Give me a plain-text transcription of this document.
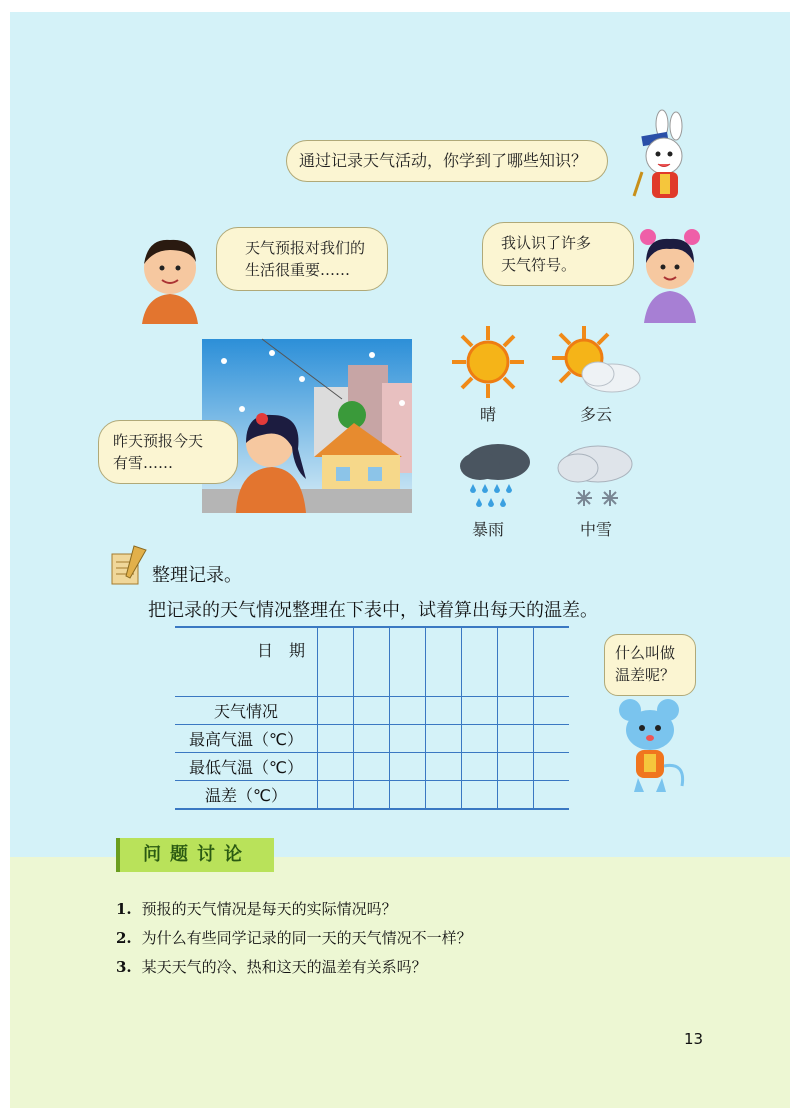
通过记录天气活动，你学到了哪些知识？
天气预报对我们的
生活很重要……
我认识了许多
天气符号。
昨天预报今天
有雪……
晴	多云
暴雨	中雪
整理记录。
把记录的天气情况整理在下表中，试着算出每天的温差。
日　期							
天气情况							
最高气温（℃）							
最低气温（℃）							
温差（℃）							
什么叫做
温差呢？
问题讨论
1. 预报的天气情况是每天的实际情况吗？
2. 为什么有些同学记录的同一天的天气情况不一样？
3. 某天天气的冷、热和这天的温差有关系吗？
13
